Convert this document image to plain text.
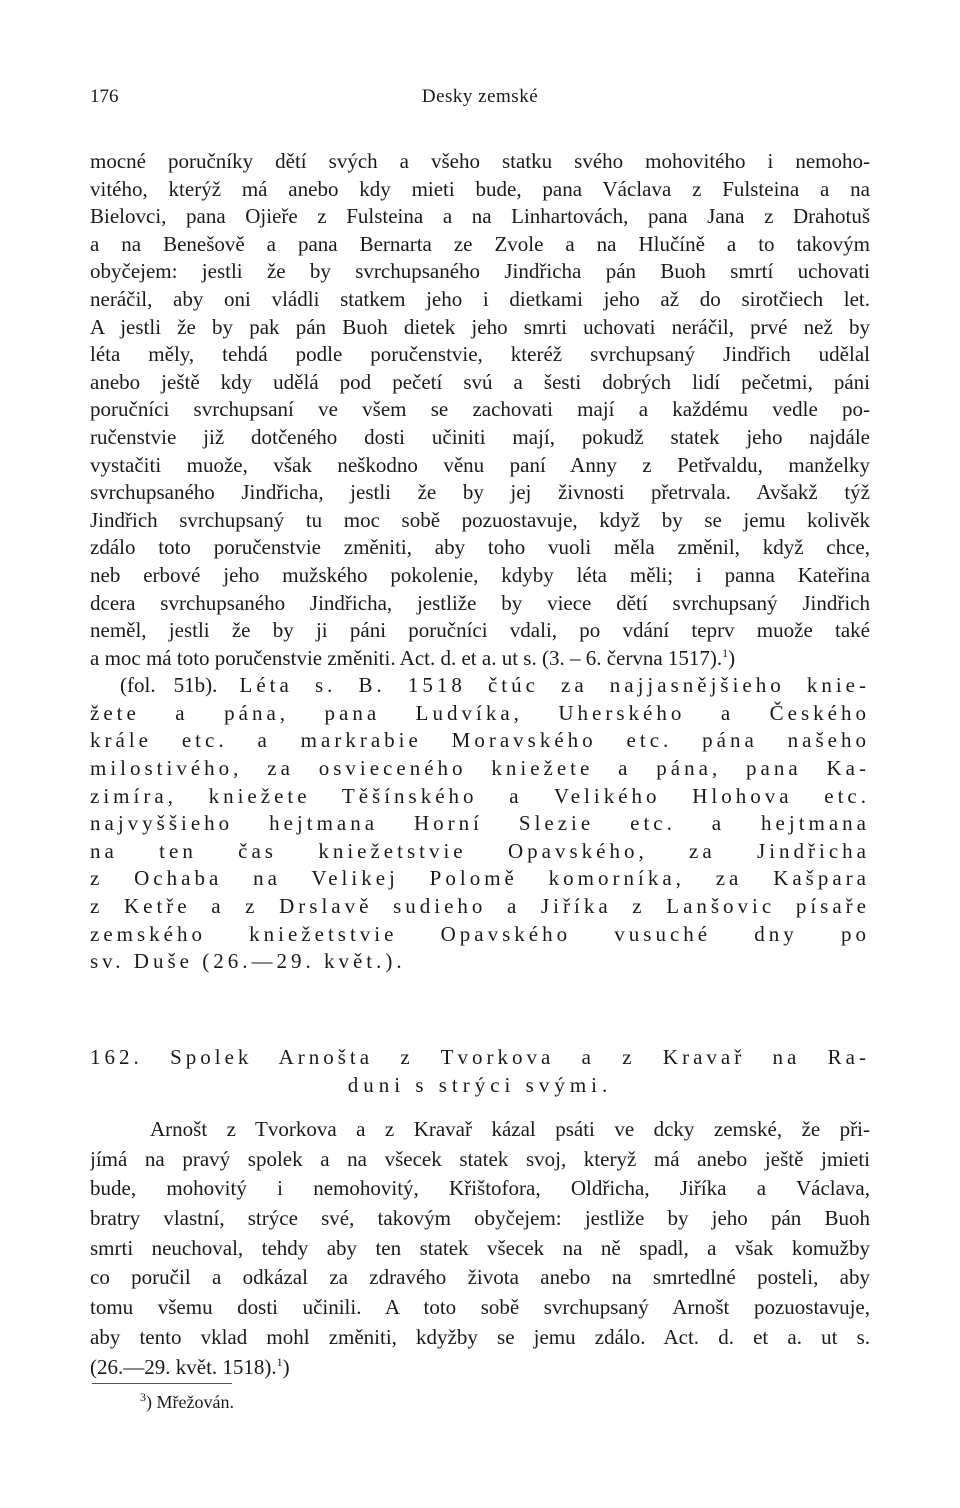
176	Desky zemské
mocné poručníky dětí svých a všeho statku svého mohovitého i nemoho-
vitého, kterýž má anebo kdy mieti bude, pana Václava z Fulsteina a na
Bielovci, pana Ojieře z Fulsteina a na Linhartovách, pana Jana z Drahotuš
a na Benešově a pana Bernarta ze Zvole a na Hlučíně a to takovým
obyčejem: jestli že by svrchupsaného Jindřicha pán Buoh smrtí uchovati
neráčil, aby oni vládli statkem jeho i dietkami jeho až do sirotčiech let.
A jestli že by pak pán Buoh dietek jeho smrti uchovati neráčil, prvé než by
léta měly, tehdá podle poručenstvie, kteréž svrchupsaný Jindřich udělal
anebo ještě kdy udělá pod pečetí svú a šesti dobrých lidí pečetmi, páni
poručníci svrchupsaní ve všem se zachovati mají a každému vedle po-
ručenstvie již dotčeného dosti učiniti mají, pokudž statek jeho najdále
vystačiti muože, však neškodno věnu paní Anny z Petřvaldu, manželky
svrchupsaného Jindřicha, jestli že by jej živnosti přetrvala. Avšakž týž
Jindřich svrchupsaný tu moc sobě pozuostavuje, když by se jemu kolivěk
zdálo toto poručenstvie změniti, aby toho vuoli měla změnil, když chce,
neb erbové jeho mužského pokolenie, kdyby léta měli; i panna Kateřina
dcera svrchupsaného Jindřicha, jestliže by viece dětí svrchupsaný Jindřich
neměl, jestli že by ji páni poručníci vdali, po vdání teprv muože také
a moc má toto poručenstvie změniti. Act. d. et a. ut s. (3. – 6. června 1517).$^1$)
(fol. 51b). Léta s. B. 1518 čtúc za najjasnějšieho knie-
žete a pána, pana Ludvíka, Uherského a Českého
krále etc. a markrabie Moravského etc. pána našeho
milostivého, za osvieceného kniežete a pána, pana Ka-
zimíra, kniežete Těšínského a Velikého Hlohova etc.
najvyššieho hejtmana Horní Slezie etc. a hejtmana
na ten čas kniežetstvie Opavského, za Jindřicha
z Ochaba na Velikej Polomě komorníka, za Kašpara
z Ketře a z Drslavě sudieho a Jiříka z Lanšovic písaře
zemského kniežetstvie Opavského vusuché dny po
sv. Duše (26.—29. květ.).
162. Spolek Arnošta z Tvorkova a z Kravař na Ra-
duni s strýci svými.
Arnošt z Tvorkova a z Kravař kázal psáti ve dcky zemské, že při-
jímá na pravý spolek a na všecek statek svoj, kteryž má anebo ještě jmieti
bude, mohovitý i nemohovitý, Křištofora, Oldřicha, Jiříka a Václava,
bratry vlastní, strýce své, takovým obyčejem: jestliže by jeho pán Buoh
smrti neuchoval, tehdy aby ten statek všecek na ně spadl, a však komužby
co poručil a odkázal za zdravého života anebo na smrtedlné posteli, aby
tomu všemu dosti učinili. A toto sobě svrchupsaný Arnošt pozuostavuje,
aby tento vklad mohl změniti, kdyžby se jemu zdálo. Act. d. et a. ut s.
(26.—29. květ. 1518).$^1$)
$^3$) Mřežován.
